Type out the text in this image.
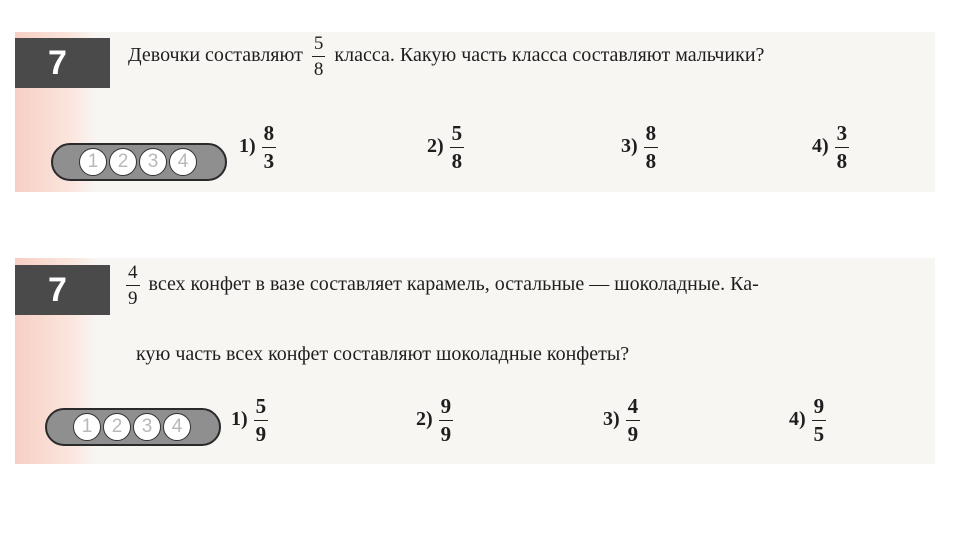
7	Девочки составляют $\frac{5}{8}$ класса. Какую часть класса составляют мальчики?
1	2	3	4
$1) \frac{8}{3}$	$2) \frac{5}{8}$	$3) \frac{8}{8}$	$4) \frac{3}{8}$
7	$\frac{4}{9}$ всех конфет в вазе составляет карамель, остальные — шоколадные. Ка-
кую часть всех конфет составляют шоколадные конфеты?
1	2	3	4	$1) \frac{5}{9}$	$2) \frac{9}{9}$	$3) \frac{4}{9}$	$4) \frac{9}{5}$
